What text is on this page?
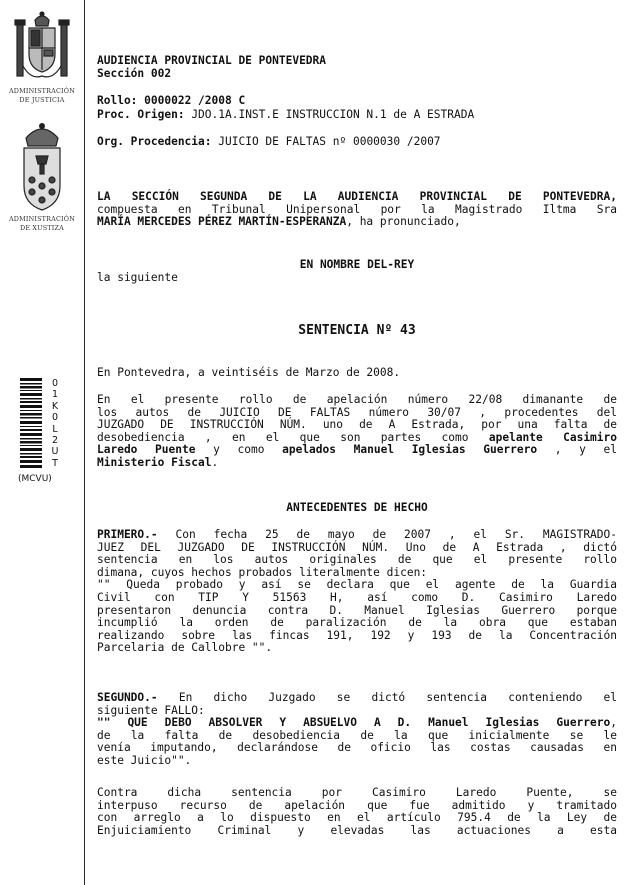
ADMINISTRACIÓN
DE JUSTICIA
ADMINISTRACIÓN
DE XUSTIZA
0
1
K
0
L
2
U
T
(MCVU)
AUDIENCIA PROVINCIAL DE PONTEVEDRA
Sección 002
Rollo: 0000022 /2008 C
Proc. Origen: JDO.1A.INST.E INSTRUCCION N.1 de A ESTRADA
Org. Procedencia: JUICIO DE FALTAS nº 0000030 /2007
LA SECCIÓN SEGUNDA DE LA AUDIENCIA PROVINCIAL DE PONTEVEDRA,
compuesta en Tribunal Unipersonal por la Magistrado Iltma Sra
MARÍA MERCEDES PÉREZ MARTÍN-ESPERANZA, ha pronunciado,
EN NOMBRE DEL-REY
la siguiente
SENTENCIA Nº 43
En Pontevedra, a veintiséis de Marzo de 2008.
En el presente rollo de apelación número 22/08 dimanante de
los autos de JUICIO DE FALTAS número 30/07 , procedentes del
JUZGADO DE INSTRUCCIÓN NÚM. uno de A Estrada, por una falta de
desobediencia , en el que son partes como apelante Casimiro
Laredo Puente y como apelados Manuel Iglesias Guerrero , y el
Ministerio Fiscal.
ANTECEDENTES DE HECHO
PRIMERO.- Con fecha 25 de mayo de 2007 , el Sr. MAGISTRADO-
JUEZ DEL JUZGADO DE INSTRUCCIÓN NÚM. Uno de A Estrada , dictó
sentencia en los autos originales de que el presente rollo
dimana, cuyos hechos probados literalmente dicen:
"" Queda probado y así se declara que el agente de la Guardia
Civil con TIP Y 51563 H, así como D. Casimiro Laredo
presentaron denuncia contra D. Manuel Iglesias Guerrero porque
incumplió la orden de paralización de la obra que estaban
realizando sobre las fincas 191, 192 y 193 de la Concentración
Parcelaria de Callobre "".
SEGUNDO.- En dicho Juzgado se dictó sentencia conteniendo el
siguiente FALLO:
"" QUE DEBO ABSOLVER Y ABSUELVO A D. Manuel Iglesias Guerrero,
de la falta de desobediencia de la que inicialmente se le
venía imputando, declarándose de oficio las costas causadas en
este Juicio"".
Contra dicha sentencia por Casimiro Laredo Puente, se
interpuso recurso de apelación que fue admitido y tramitado
con arreglo a lo dispuesto en el artículo 795.4 de la Ley de
Enjuiciamiento Criminal y elevadas las actuaciones a esta
